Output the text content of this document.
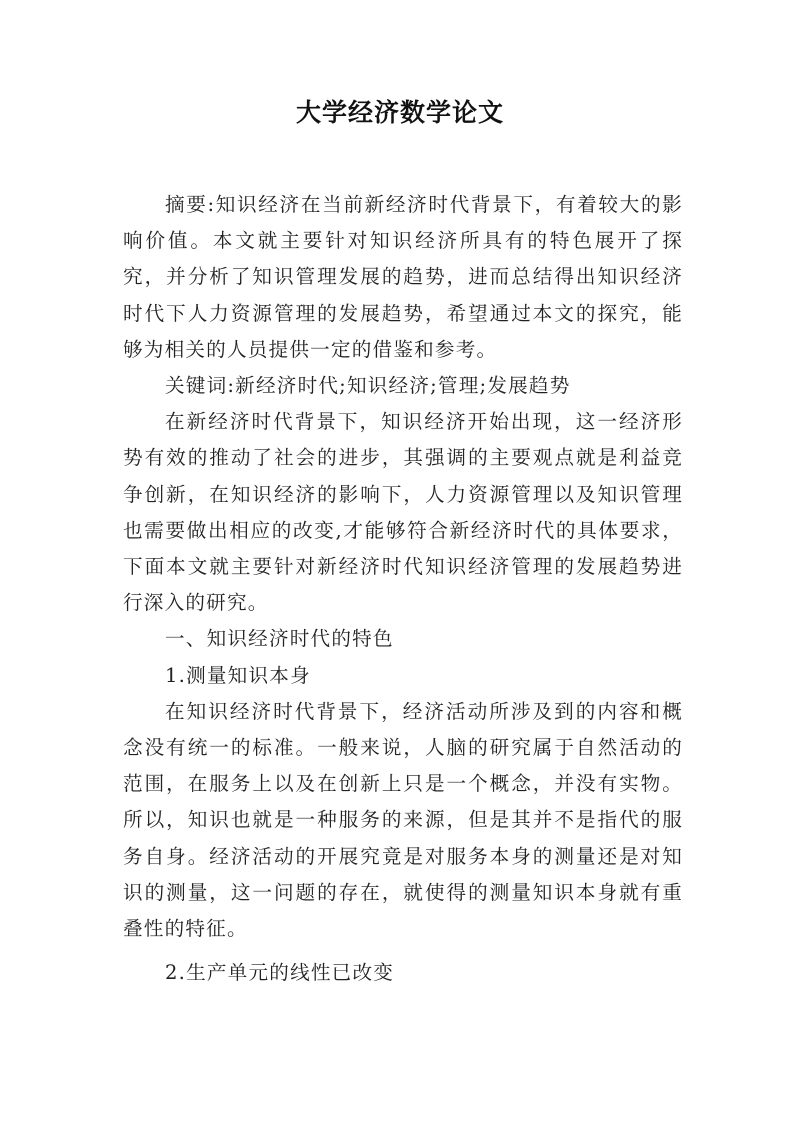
大学经济数学论文

摘要:知识经济在当前新经济时代背景下，有着较大的影响价值。本文就主要针对知识经济所具有的特色展开了探究，并分析了知识管理发展的趋势，进而总结得出知识经济时代下人力资源管理的发展趋势，希望通过本文的探究，能够为相关的人员提供一定的借鉴和参考。

关键词:新经济时代;知识经济;管理;发展趋势

在新经济时代背景下，知识经济开始出现，这一经济形势有效的推动了社会的进步，其强调的主要观点就是利益竞争创新，在知识经济的影响下，人力资源管理以及知识管理也需要做出相应的改变,才能够符合新经济时代的具体要求，下面本文就主要针对新经济时代知识经济管理的发展趋势进行深入的研究。

一、知识经济时代的特色

1.测量知识本身

在知识经济时代背景下，经济活动所涉及到的内容和概念没有统一的标准。一般来说，人脑的研究属于自然活动的范围，在服务上以及在创新上只是一个概念，并没有实物。所以，知识也就是一种服务的来源，但是其并不是指代的服务自身。经济活动的开展究竟是对服务本身的测量还是对知识的测量，这一问题的存在，就使得的测量知识本身就有重叠性的特征。

2.生产单元的线性已改变
